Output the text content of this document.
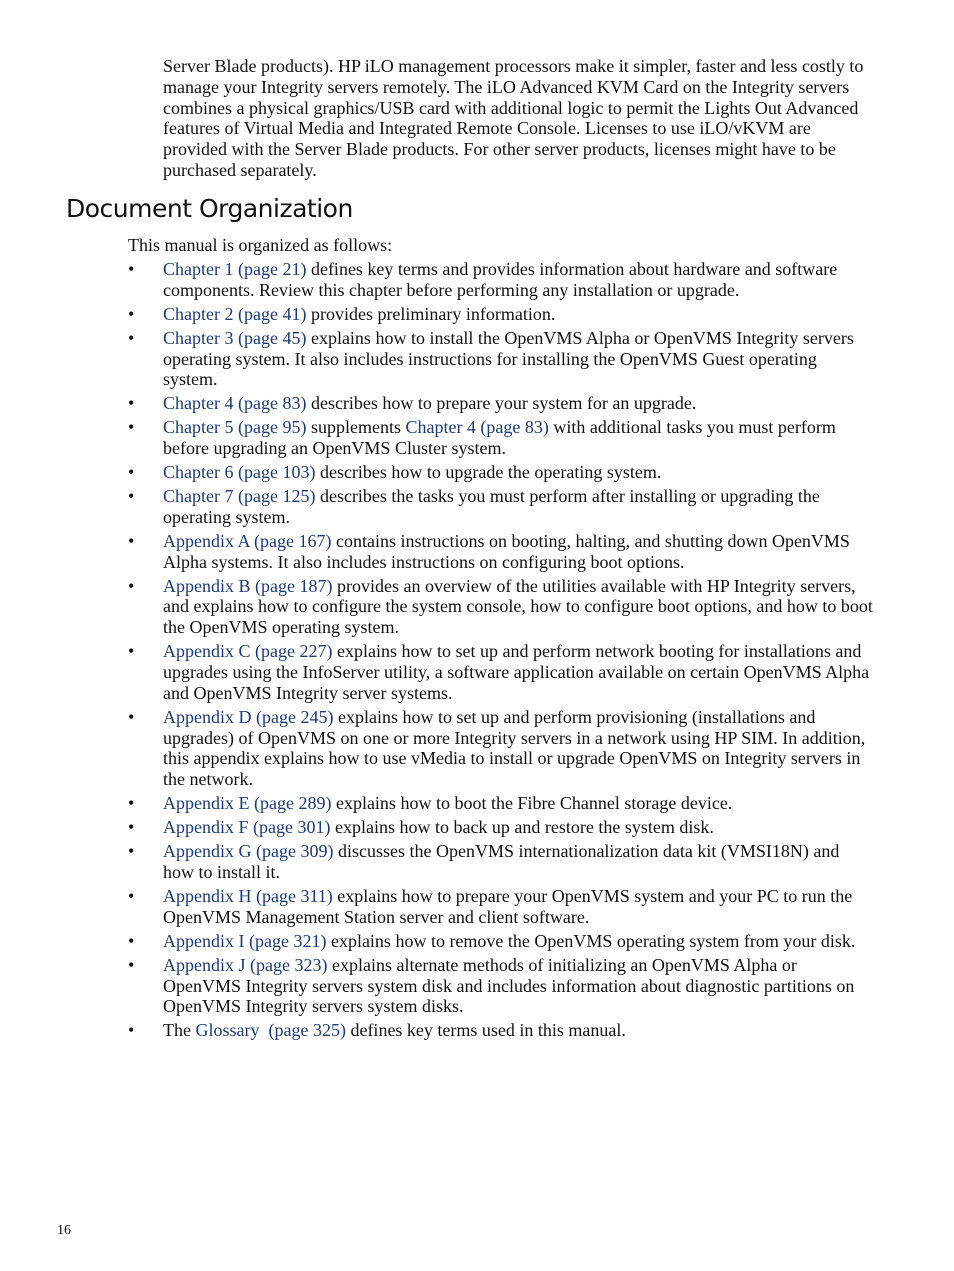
Server Blade products). HP iLO management processors make it simpler, faster and less costly to manage your Integrity servers remotely. The iLO Advanced KVM Card on the Integrity servers combines a physical graphics/USB card with additional logic to permit the Lights Out Advanced features of Virtual Media and Integrated Remote Console. Licenses to use iLO/vKVM are provided with the Server Blade products. For other server products, licenses might have to be purchased separately.

Document Organization
This manual is organized as follows:
• Chapter 1 (page 21) defines key terms and provides information about hardware and software components. Review this chapter before performing any installation or upgrade.
• Chapter 2 (page 41) provides preliminary information.
• Chapter 3 (page 45) explains how to install the OpenVMS Alpha or OpenVMS Integrity servers operating system. It also includes instructions for installing the OpenVMS Guest operating system.
• Chapter 4 (page 83) describes how to prepare your system for an upgrade.
• Chapter 5 (page 95) supplements Chapter 4 (page 83) with additional tasks you must perform before upgrading an OpenVMS Cluster system.
• Chapter 6 (page 103) describes how to upgrade the operating system.
• Chapter 7 (page 125) describes the tasks you must perform after installing or upgrading the operating system.
• Appendix A (page 167) contains instructions on booting, halting, and shutting down OpenVMS Alpha systems. It also includes instructions on configuring boot options.
• Appendix B (page 187) provides an overview of the utilities available with HP Integrity servers, and explains how to configure the system console, how to configure boot options, and how to boot the OpenVMS operating system.
• Appendix C (page 227) explains how to set up and perform network booting for installations and upgrades using the InfoServer utility, a software application available on certain OpenVMS Alpha and OpenVMS Integrity server systems.
• Appendix D (page 245) explains how to set up and perform provisioning (installations and upgrades) of OpenVMS on one or more Integrity servers in a network using HP SIM. In addition, this appendix explains how to use vMedia to install or upgrade OpenVMS on Integrity servers in the network.
• Appendix E (page 289) explains how to boot the Fibre Channel storage device.
• Appendix F (page 301) explains how to back up and restore the system disk.
• Appendix G (page 309) discusses the OpenVMS internationalization data kit (VMSI18N) and how to install it.
• Appendix H (page 311) explains how to prepare your OpenVMS system and your PC to run the OpenVMS Management Station server and client software.
• Appendix I (page 321) explains how to remove the OpenVMS operating system from your disk.
• Appendix J (page 323) explains alternate methods of initializing an OpenVMS Alpha or OpenVMS Integrity servers system disk and includes information about diagnostic partitions on OpenVMS Integrity servers system disks.
• The Glossary (page 325) defines key terms used in this manual.
16
